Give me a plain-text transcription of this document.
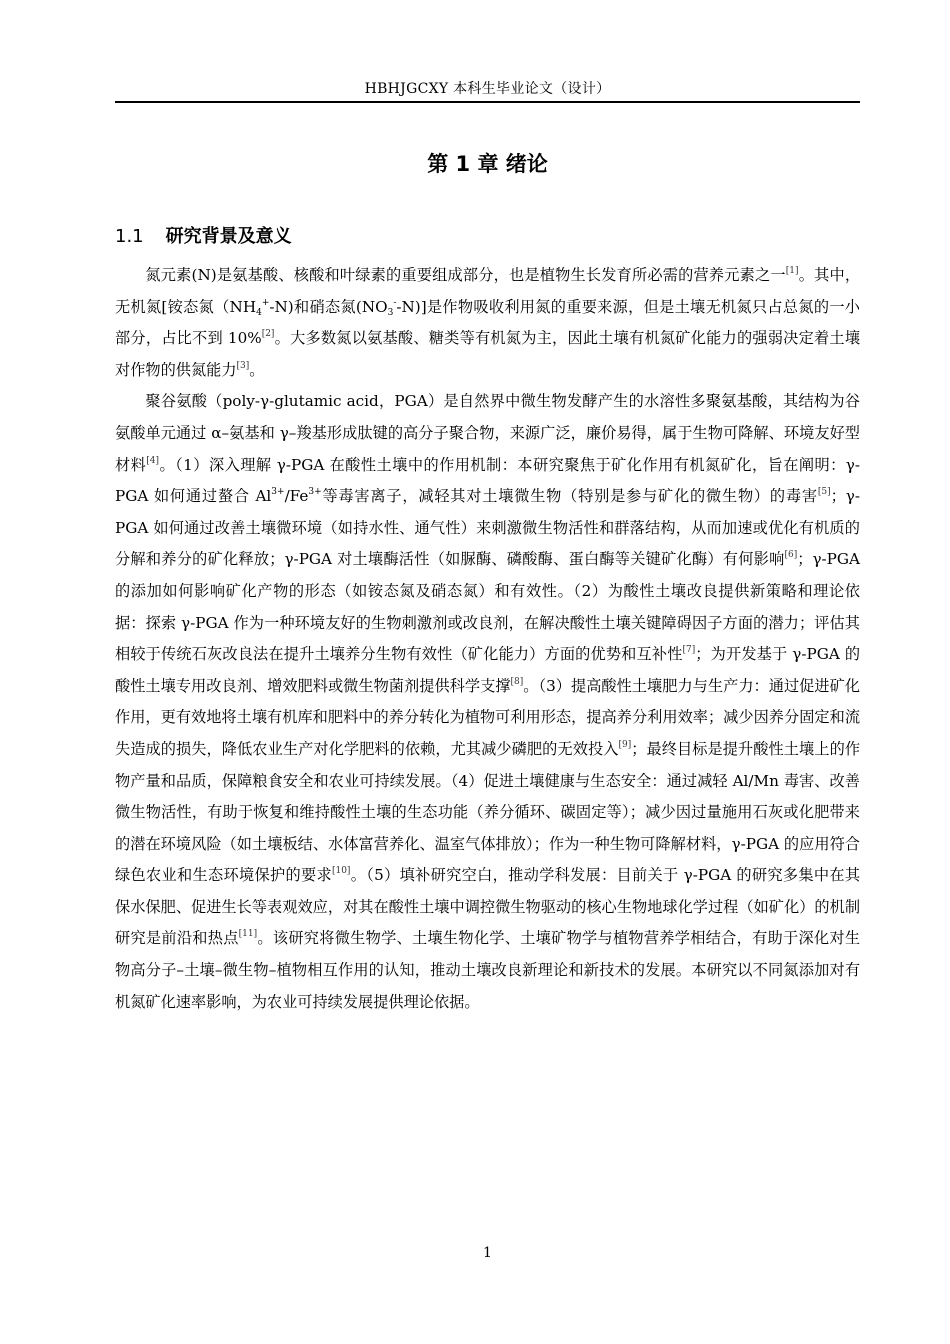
HBHJGCXY 本科生毕业论文（设计）
第 1 章 绪论
1.1 研究背景及意义

氮元素(N)是氨基酸、核酸和叶绿素的重要组成部分，也是植物生长发育所必需的营养元素之一[1]。其中，无机氮[铵态氮$(NH_4^+-N)$和硝态氮$(NO_3^--N)$]是作物吸收利用氮的重要来源，但是土壤无机氮只占总氮的一小部分，占比不到 10%[2]。大多数氮以氨基酸、糖类等有机氮为主，因此土壤有机氮矿化能力的强弱决定着土壤对作物的供氮能力[3]。

聚谷氨酸（poly-γ-glutamic acid，PGA）是自然界中微生物发酵产生的水溶性多聚氨基酸，其结构为谷氨酸单元通过 α–氨基和 γ–羧基形成肽键的高分子聚合物，来源广泛，廉价易得，属于生物可降解、环境友好型材料[4]。（1）深入理解 γ-PGA 在酸性土壤中的作用机制：本研究聚焦于矿化作用有机氮矿化，旨在阐明：γ-PGA 如何通过螯合 $Al^{3+}/Fe^{3+}$等毒害离子，减轻其对土壤微生物（特别是参与矿化的微生物）的毒害[5]；γ-PGA 如何通过改善土壤微环境（如持水性、通气性）来刺激微生物活性和群落结构，从而加速或优化有机质的分解和养分的矿化释放；γ-PGA 对土壤酶活性（如脲酶、磷酸酶、蛋白酶等关键矿化酶）有何影响[6]；γ-PGA 的添加如何影响矿化产物的形态（如铵态氮及硝态氮）和有效性。（2）为酸性土壤改良提供新策略和理论依据：探索 γ-PGA 作为一种环境友好的生物刺激剂或改良剂，在解决酸性土壤关键障碍因子方面的潜力；评估其相较于传统石灰改良法在提升土壤养分生物有效性（矿化能力）方面的优势和互补性[7]；为开发基于 γ-PGA 的酸性土壤专用改良剂、增效肥料或微生物菌剂提供科学支撑[8]。（3）提高酸性土壤肥力与生产力：通过促进矿化作用，更有效地将土壤有机库和肥料中的养分转化为植物可利用形态，提高养分利用效率；减少因养分固定和流失造成的损失，降低农业生产对化学肥料的依赖，尤其减少磷肥的无效投入[9]；最终目标是提升酸性土壤上的作物产量和品质，保障粮食安全和农业可持续发展。（4）促进土壤健康与生态安全：通过减轻 Al/Mn 毒害、改善微生物活性，有助于恢复和维持酸性土壤的生态功能（养分循环、碳固定等）；减少因过量施用石灰或化肥带来的潜在环境风险（如土壤板结、水体富营养化、温室气体排放）；作为一种生物可降解材料，γ-PGA 的应用符合绿色农业和生态环境保护的要求[10]。（5）填补研究空白，推动学科发展：目前关于 γ-PGA 的研究多集中在其保水保肥、促进生长等表观效应，对其在酸性土壤中调控微生物驱动的核心生物地球化学过程（如矿化）的机制研究是前沿和热点[11]。该研究将微生物学、土壤生物化学、土壤矿物学与植物营养学相结合，有助于深化对生物高分子–土壤–微生物–植物相互作用的认知，推动土壤改良新理论和新技术的发展。本研究以不同氮添加对有机氮矿化速率影响，为农业可持续发展提供理论依据。

1
